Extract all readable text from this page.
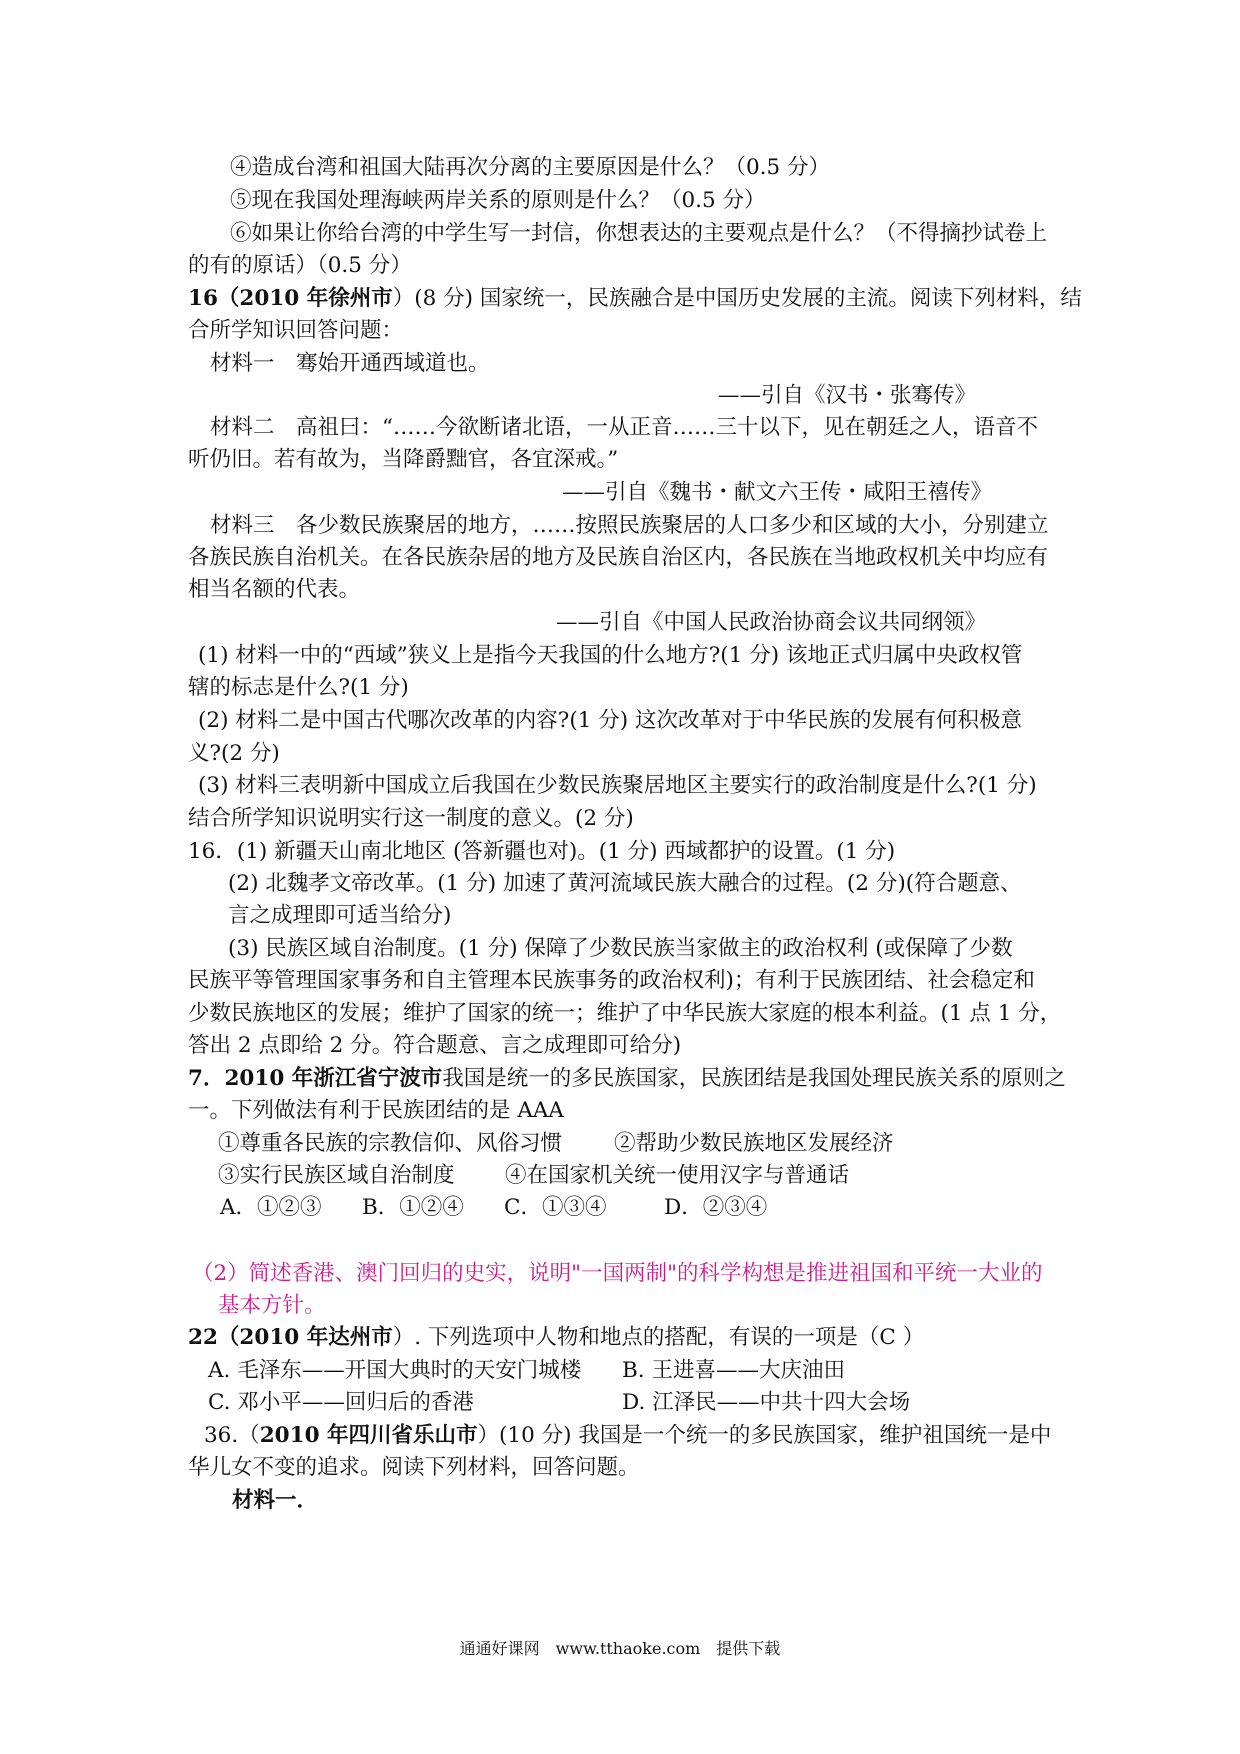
④造成台湾和祖国大陆再次分离的主要原因是什么？（0.5 分）
⑤现在我国处理海峡两岸关系的原则是什么？（0.5 分）
⑥如果让你给台湾的中学生写一封信，你想表达的主要观点是什么？（不得摘抄试卷上
的有的原话）（0.5 分）
16（2010 年徐州市）(8 分) 国家统一，民族融合是中国历史发展的主流。阅读下列材料，结
合所学知识回答问题：
材料一　骞始开通西域道也。
——引自《汉书・张骞传》
材料二　高祖曰：“……今欲断诸北语，一从正音……三十以下，见在朝廷之人，语音不
听仍旧。若有故为，当降爵黜官，各宜深戒。”
——引自《魏书・献文六王传・咸阳王禧传》
材料三　各少数民族聚居的地方，……按照民族聚居的人口多少和区域的大小，分别建立
各族民族自治机关。在各民族杂居的地方及民族自治区内，各民族在当地政权机关中均应有
相当名额的代表。
——引自《中国人民政治协商会议共同纲领》
(1) 材料一中的“西域”狭义上是指今天我国的什么地方?(1 分) 该地正式归属中央政权管
辖的标志是什么?(1 分)
(2) 材料二是中国古代哪次改革的内容?(1 分) 这次改革对于中华民族的发展有何积极意
义?(2 分)
(3) 材料三表明新中国成立后我国在少数民族聚居地区主要实行的政治制度是什么?(1 分)
结合所学知识说明实行这一制度的意义。(2 分)
16．(1) 新疆天山南北地区 (答新疆也对)。(1 分) 西域都护的设置。(1 分)
(2) 北魏孝文帝改革。(1 分) 加速了黄河流域民族大融合的过程。(2 分)(符合题意、
言之成理即可适当给分)
(3) 民族区域自治制度。(1 分) 保障了少数民族当家做主的政治权利 (或保障了少数
民族平等管理国家事务和自主管理本民族事务的政治权利)；有利于民族团结、社会稳定和
少数民族地区的发展；维护了国家的统一；维护了中华民族大家庭的根本利益。(1 点 1 分，
答出 2 点即给 2 分。符合题意、言之成理即可给分)
7．2010 年浙江省宁波市我国是统一的多民族国家，民族团结是我国处理民族关系的原则之
一。下列做法有利于民族团结的是 AAA
①尊重各民族的宗教信仰、风俗习惯 ②帮助少数民族地区发展经济
③实行民族区域自治制度 ④在国家机关统一使用汉字与普通话
A．①②③ B．①②④ C．①③④	D．②③④
（2）简述香港、澳门回归的史实，说明"一国两制"的科学构想是推进祖国和平统一大业的
基本方针。
22（2010 年达州市）. 下列选项中人物和地点的搭配，有误的一项是（C ）
A. 毛泽东——开国大典时的天安门城楼 B. 王进喜——大庆油田
C. 邓小平——回归后的香港	D. 江泽民——中共十四大会场
36.（2010 年四川省乐山市）(10 分) 我国是一个统一的多民族国家，维护祖国统一是中
华儿女不变的追求。阅读下列材料，回答问题。
材料一．
通通好课网　www.tthaoke.com　提供下载
